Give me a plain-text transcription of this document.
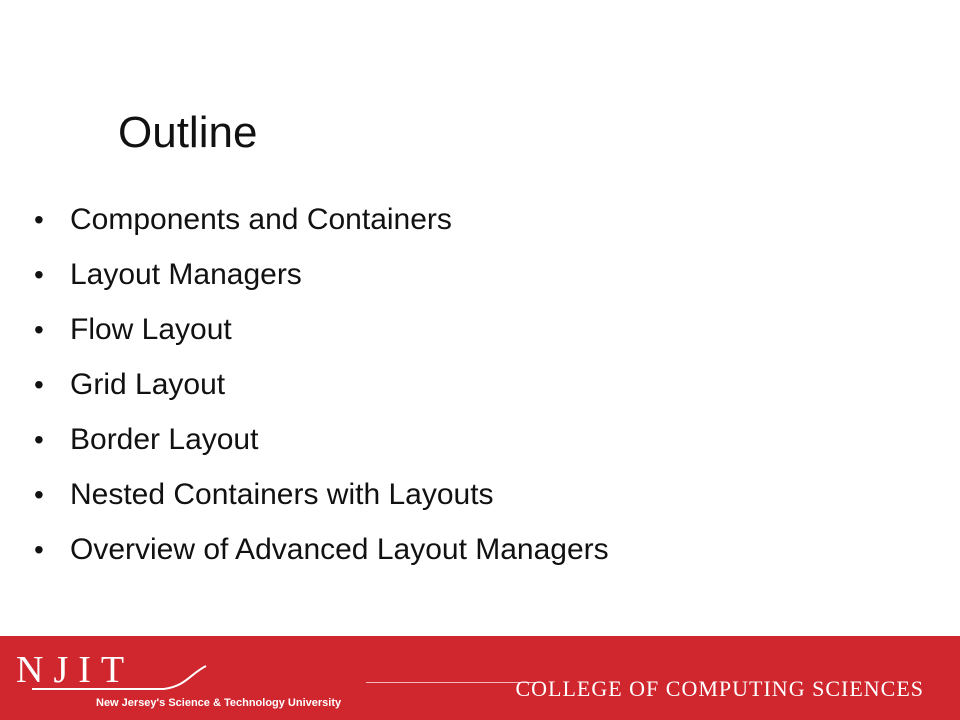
Outline
• Components and Containers
• Layout Managers
• Flow Layout
• Grid Layout
• Border Layout
• Nested Containers with Layouts
• Overview of Advanced Layout Managers
NJIT
New Jersey's Science & Technology University
COLLEGE OF COMPUTING SCIENCES
